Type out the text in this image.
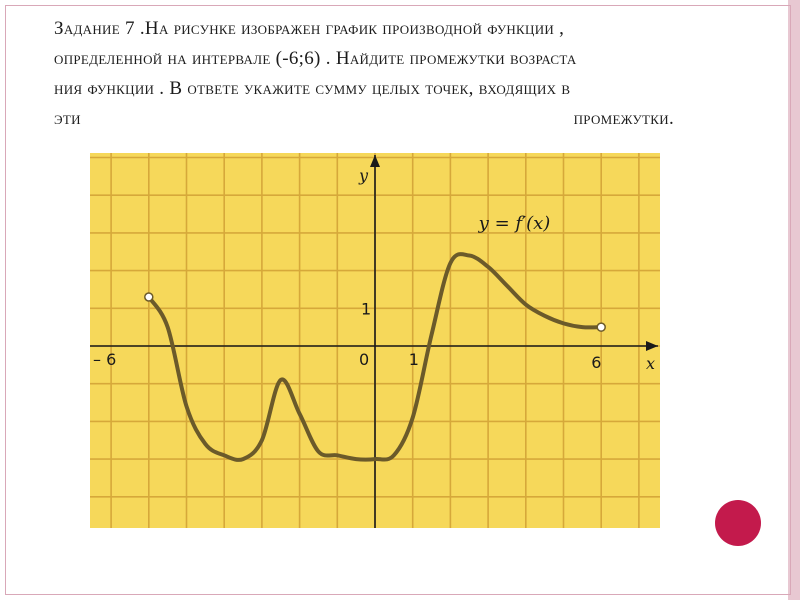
Задание 7 .На рисунке изображен график производной функции ,
определенной на интервале (-6;6) . Найдите промежутки возраста
ния функции . В ответе укажите сумму целых точек, входящих в
эти	промежутки.
– 6	0 1	6
1
x
y
y = f′(x)
